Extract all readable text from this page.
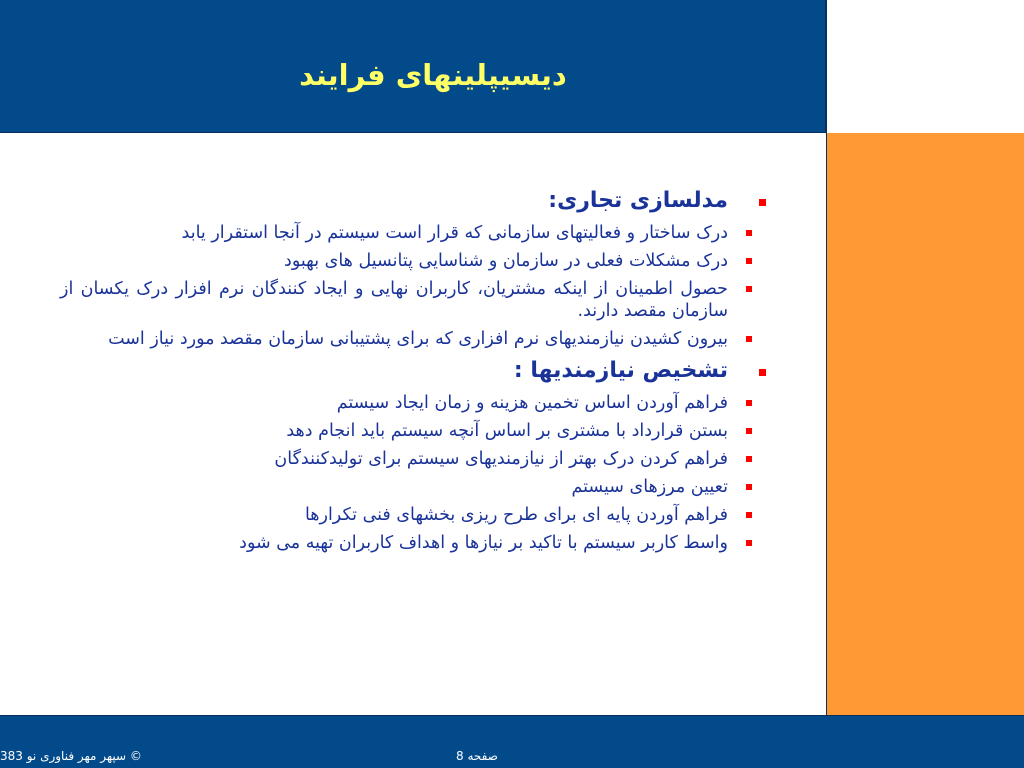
دیسیپلینهای فرایند
مدلسازی تجاری:
درک ساختار و فعالیتهای سازمانی که قرار است سیستم در آنجا استقرار یابد
درک مشکلات فعلی در سازمان و شناسایی پتانسیل های بهبود
حصول اطمینان از اینکه مشتریان، کاربران نهایی و ایجاد کنندگان نرم افزار درک یکسان از سازمان مقصد دارند.
بیرون کشیدن نیازمندیهای نرم افزاری که برای پشتیبانی سازمان مقصد مورد نیاز است
تشخیص نیازمندیها :
فراهم آوردن اساس تخمین هزینه و زمان ایجاد سیستم
بستن قرارداد با مشتری بر اساس آنچه سیستم باید انجام دهد
فراهم کردن درک بهتر از نیازمندیهای سیستم برای تولیدکنندگان
تعیین مرزهای سیستم
فراهم آوردن پایه ای برای طرح ریزی بخشهای فنی تکرارها
واسط کاربر سیستم با تاکید بر نیازها و اهداف کاربران تهیه می شود
© سپهر مهر فناوری نو 383	صفحه 8
